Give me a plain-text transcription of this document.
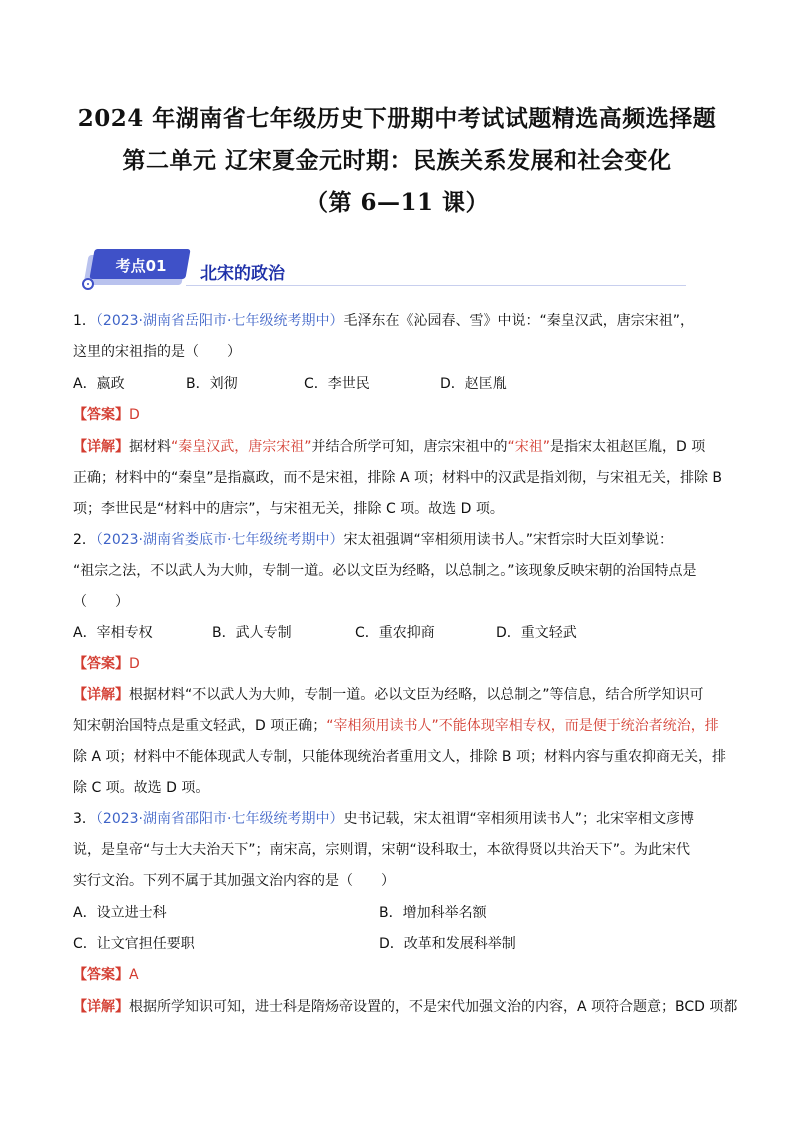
2024 年湖南省七年级历史下册期中考试试题精选高频选择题
第二单元 辽宋夏金元时期：民族关系发展和社会变化
（第 6—11 课）
考点01	北宋的政治
1．（2023·湖南省岳阳市·七年级统考期中）毛泽东在《沁园春、雪》中说：“秦皇汉武，唐宗宋祖”，
这里的宋祖指的是（　　）
A．嬴政	B．刘彻	C．李世民	D．赵匡胤
【答案】D
【详解】据材料“秦皇汉武，唐宗宋祖”并结合所学可知，唐宗宋祖中的“宋祖”是指宋太祖赵匡胤，D 项
正确；材料中的“秦皇”是指嬴政，而不是宋祖，排除 A 项；材料中的汉武是指刘彻，与宋祖无关，排除 B
项；李世民是“材料中的唐宗”，与宋祖无关，排除 C 项。故选 D 项。
2．（2023·湖南省娄底市·七年级统考期中）宋太祖强调“宰相须用读书人。”宋哲宗时大臣刘挚说：
“祖宗之法，不以武人为大帅，专制一道。必以文臣为经略，以总制之。”该现象反映宋朝的治国特点是
（　　）
A．宰相专权	B．武人专制	C．重农抑商	D．重文轻武
【答案】D
【详解】根据材料“不以武人为大帅，专制一道。必以文臣为经略，以总制之”等信息，结合所学知识可
知宋朝治国特点是重文轻武，D 项正确；“宰相须用读书人”不能体现宰相专权，而是便于统治者统治，排
除 A 项；材料中不能体现武人专制，只能体现统治者重用文人，排除 B 项；材料内容与重农抑商无关，排
除 C 项。故选 D 项。
3．（2023·湖南省邵阳市·七年级统考期中）史书记载，宋太祖谓“宰相须用读书人”；北宋宰相文彦博
说，是皇帝“与士大夫治天下”；南宋高，宗则谓，宋朝“设科取士，本欲得贤以共治天下”。为此宋代
实行文治。下列不属于其加强文治内容的是（　　）
A．设立进士科	B．增加科举名额
C．让文官担任要职	D．改革和发展科举制
【答案】A
【详解】根据所学知识可知，进士科是隋炀帝设置的，不是宋代加强文治的内容，A 项符合题意；BCD 项都
